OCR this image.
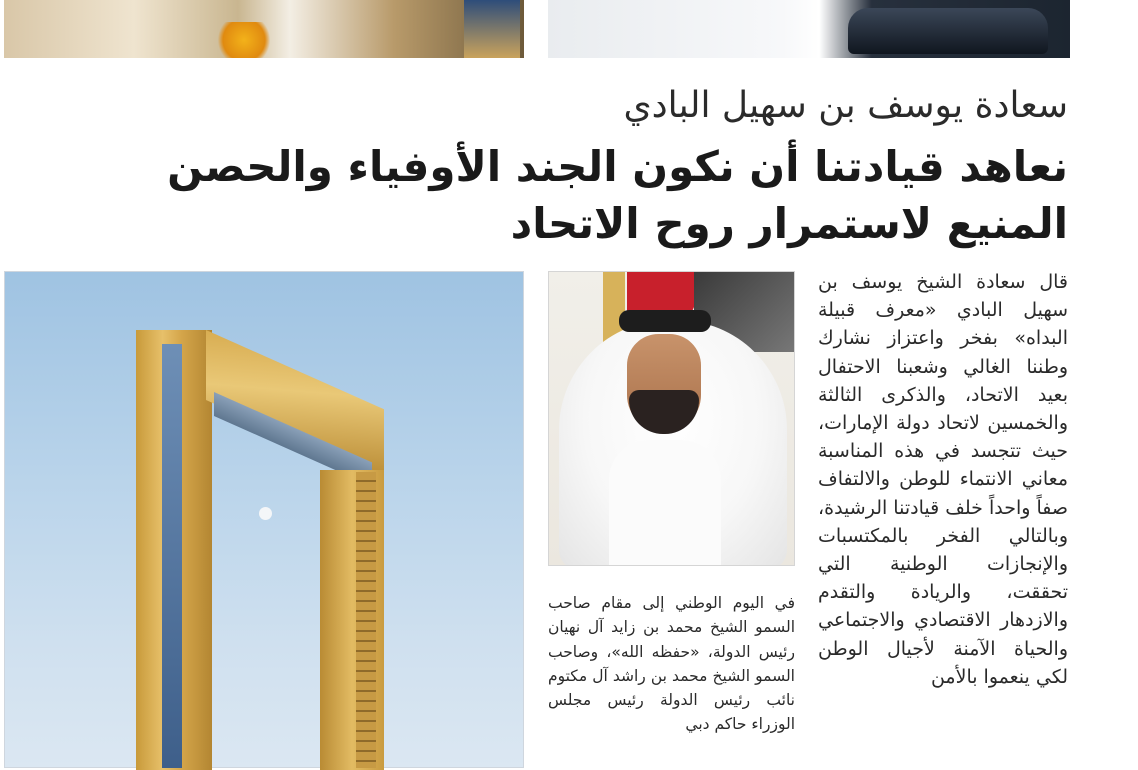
سعادة يوسف بن سهيل البادي
نعاهد قيادتنا أن نكون الجند الأوفياء والحصن المنيع لاستمرار روح الاتحاد

قال سعادة الشيخ يوسف بن سهيل البادي «معرف قبيلة البداه» بفخر واعتزاز نشارك وطننا الغالي وشعبنا الاحتفال بعيد الاتحاد، والذكرى الثالثة والخمسين لاتحاد دولة الإمارات، حيث تتجسد في هذه المناسبة معاني الانتماء للوطن والالتفاف صفاً واحداً خلف قيادتنا الرشيدة، وبالتالي الفخر بالمكتسبات والإنجازات الوطنية التي تحققت، والريادة والتقدم والازدهار الاقتصادي والاجتماعي والحياة الآمنة لأجيال الوطن لكي ينعموا بالأمن

في اليوم الوطني إلى مقام صاحب السمو الشيخ محمد بن زايد آل نهيان رئيس الدولة، «حفظه الله»، وصاحب السمو الشيخ محمد بن راشد آل مكتوم نائب رئيس الدولة رئيس مجلس الوزراء حاكم دبي
